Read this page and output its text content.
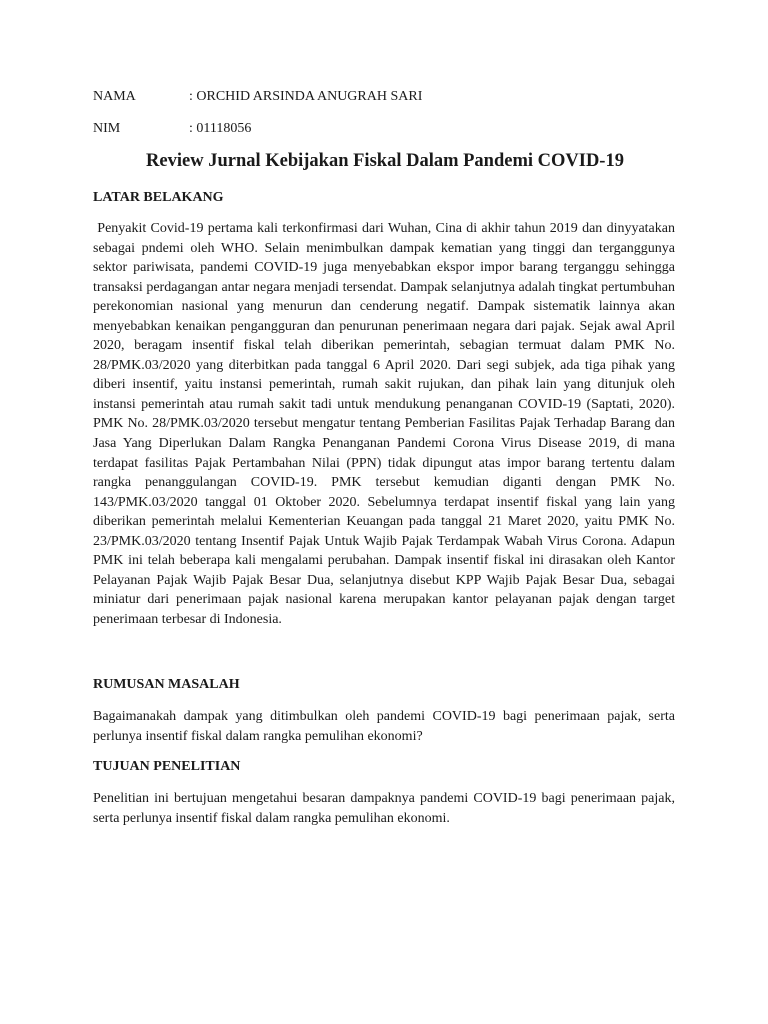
NAMA	: ORCHID ARSINDA ANUGRAH SARI
NIM	: 01118056
Review Jurnal Kebijakan Fiskal Dalam Pandemi COVID-19
LATAR BELAKANG

Penyakit Covid-19 pertama kali terkonfirmasi dari Wuhan, Cina di akhir tahun 2019 dan dinyyatakan sebagai pndemi oleh WHO. Selain menimbulkan dampak kematian yang tinggi dan terganggunya sektor pariwisata, pandemi COVID-19 juga menyebabkan ekspor impor barang terganggu sehingga transaksi perdagangan antar negara menjadi tersendat. Dampak selanjutnya adalah tingkat pertumbuhan perekonomian nasional yang menurun dan cenderung negatif. Dampak sistematik lainnya akan menyebabkan kenaikan pengangguran dan penurunan penerimaan negara dari pajak. Sejak awal April 2020, beragam insentif fiskal telah diberikan pemerintah, sebagian termuat dalam PMK No. 28/PMK.03/2020 yang diterbitkan pada tanggal 6 April 2020. Dari segi subjek, ada tiga pihak yang diberi insentif, yaitu instansi pemerintah, rumah sakit rujukan, dan pihak lain yang ditunjuk oleh instansi pemerintah atau rumah sakit tadi untuk mendukung penanganan COVID-19 (Saptati, 2020). PMK No. 28/PMK.03/2020 tersebut mengatur tentang Pemberian Fasilitas Pajak Terhadap Barang dan Jasa Yang Diperlukan Dalam Rangka Penanganan Pandemi Corona Virus Disease 2019, di mana terdapat fasilitas Pajak Pertambahan Nilai (PPN) tidak dipungut atas impor barang tertentu dalam rangka penanggulangan COVID-19. PMK tersebut kemudian diganti dengan PMK No. 143/PMK.03/2020 tanggal 01 Oktober 2020. Sebelumnya terdapat insentif fiskal yang lain yang diberikan pemerintah melalui Kementerian Keuangan pada tanggal 21 Maret 2020, yaitu PMK No. 23/PMK.03/2020 tentang Insentif Pajak Untuk Wajib Pajak Terdampak Wabah Virus Corona. Adapun PMK ini telah beberapa kali mengalami perubahan. Dampak insentif fiskal ini dirasakan oleh Kantor Pelayanan Pajak Wajib Pajak Besar Dua, selanjutnya disebut KPP Wajib Pajak Besar Dua, sebagai miniatur dari penerimaan pajak nasional karena merupakan kantor pelayanan pajak dengan target penerimaan terbesar di Indonesia.

RUMUSAN MASALAH

Bagaimanakah dampak yang ditimbulkan oleh pandemi COVID-19 bagi penerimaan pajak, serta perlunya insentif fiskal dalam rangka pemulihan ekonomi?

TUJUAN PENELITIAN

Penelitian ini bertujuan mengetahui besaran dampaknya pandemi COVID-19 bagi penerimaan pajak, serta perlunya insentif fiskal dalam rangka pemulihan ekonomi.
